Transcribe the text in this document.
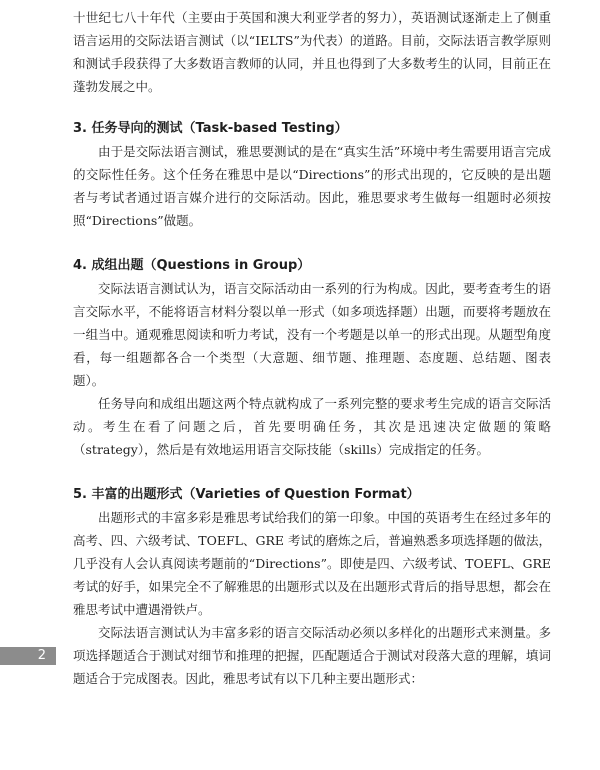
十世纪七八十年代（主要由于英国和澳大利亚学者的努力），英语测试逐渐走上了侧重语言运用的交际法语言测试（以“IELTS”为代表）的道路。目前，交际法语言教学原则和测试手段获得了大多数语言教师的认同，并且也得到了大多数考生的认同，目前正在蓬勃发展之中。

3. 任务导向的测试（Task-based Testing）

由于是交际法语言测试，雅思要测试的是在“真实生活”环境中考生需要用语言完成的交际性任务。这个任务在雅思中是以“Directions”的形式出现的，它反映的是出题者与考试者通过语言媒介进行的交际活动。因此，雅思要求考生做每一组题时必须按照“Directions”做题。

4. 成组出题（Questions in Group）

交际法语言测试认为，语言交际活动由一系列的行为构成。因此，要考查考生的语言交际水平，不能将语言材料分裂以单一形式（如多项选择题）出题，而要将考题放在一组当中。通观雅思阅读和听力考试，没有一个考题是以单一的形式出现。从题型角度看，每一组题都各合一个类型（大意题、细节题、推理题、态度题、总结题、图表题）。

任务导向和成组出题这两个特点就构成了一系列完整的要求考生完成的语言交际活动。考生在看了问题之后，首先要明确任务，其次是迅速决定做题的策略（strategy），然后是有效地运用语言交际技能（skills）完成指定的任务。

5. 丰富的出题形式（Varieties of Question Format）

出题形式的丰富多彩是雅思考试给我们的第一印象。中国的英语考生在经过多年的高考、四、六级考试、TOEFL、GRE 考试的磨炼之后，普遍熟悉多项选择题的做法，几乎没有人会认真阅读考题前的“Directions”。即使是四、六级考试、TOEFL、GRE 考试的好手，如果完全不了解雅思的出题形式以及在出题形式背后的指导思想，都会在雅思考试中遭遇滑铁卢。

交际法语言测试认为丰富多彩的语言交际活动必须以多样化的出题形式来测量。多项选择题适合于测试对细节和推理的把握，匹配题适合于测试对段落大意的理解，填词题适合于完成图表。因此，雅思考试有以下几种主要出题形式：

2
